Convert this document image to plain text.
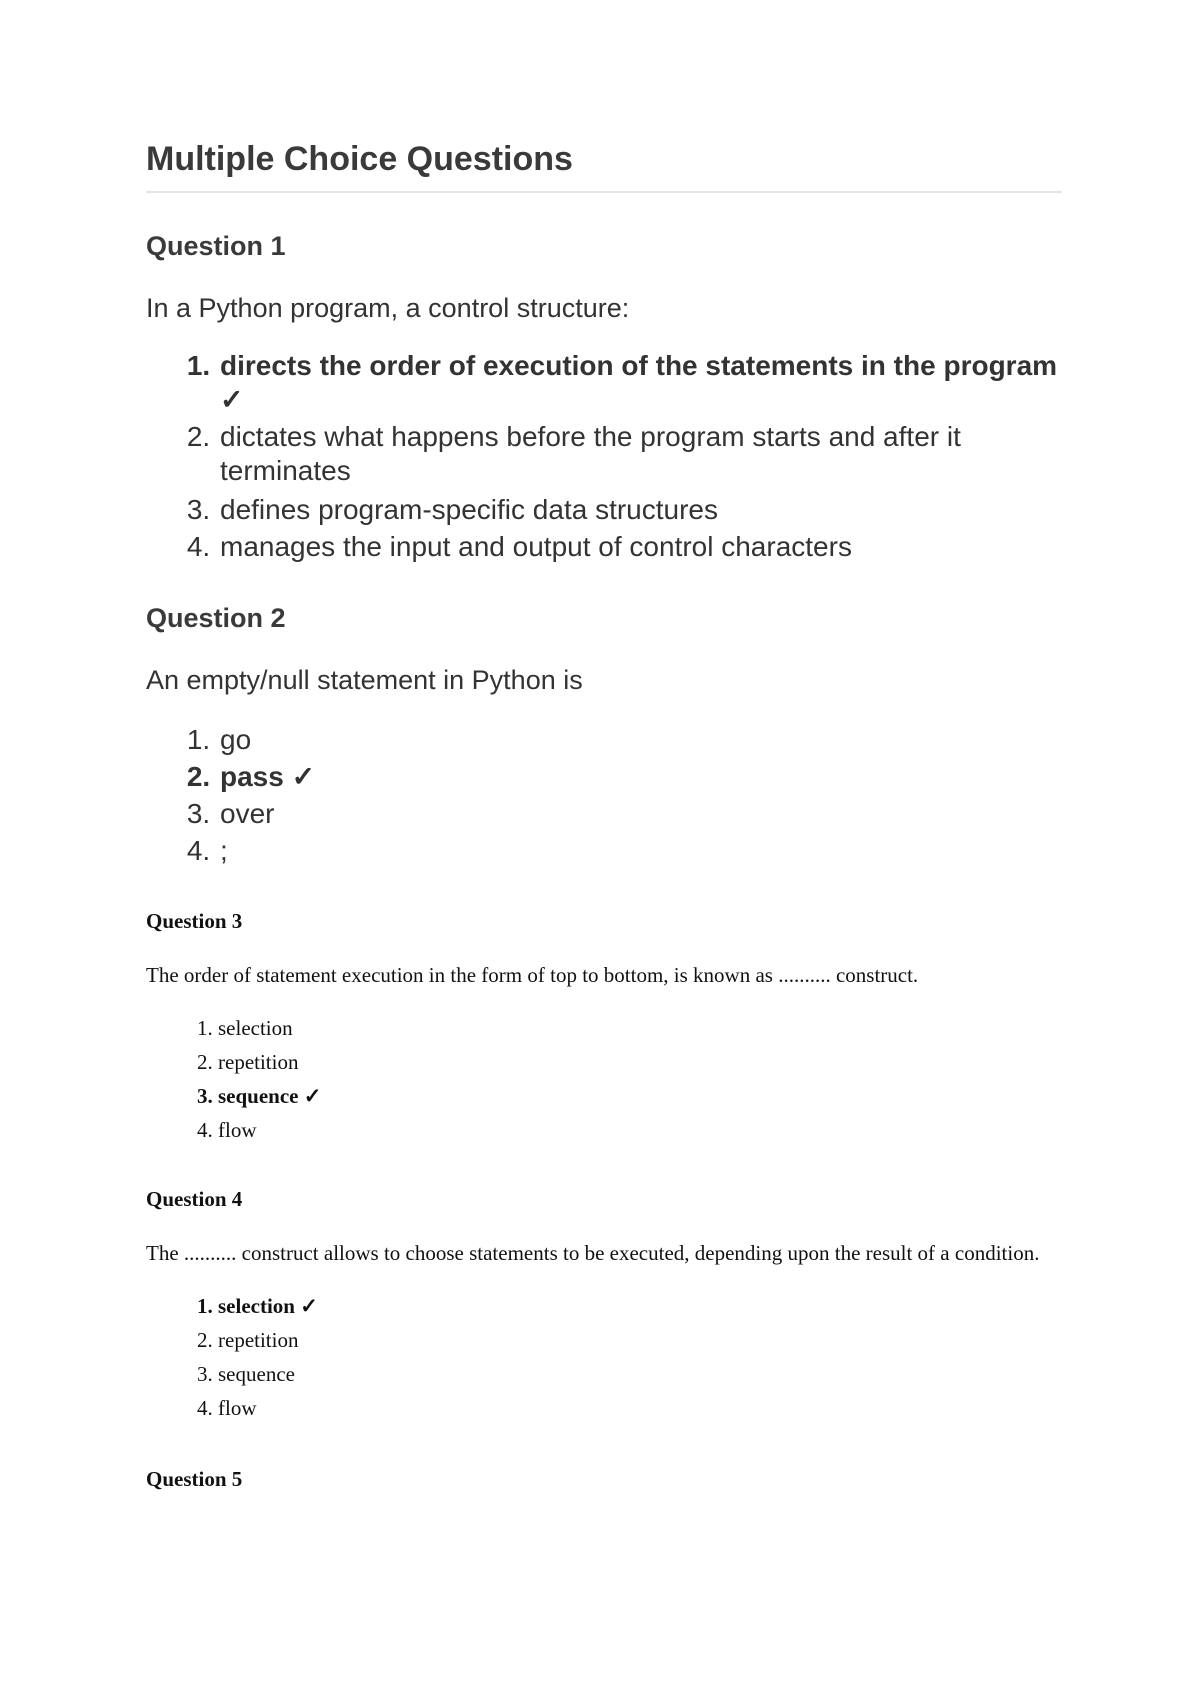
Multiple Choice Questions
Question 1

In a Python program, a control structure:

1. directs the order of execution of the statements in the program ✓
2. dictates what happens before the program starts and after it terminates
3. defines program-specific data structures
4. manages the input and output of control characters
Question 2

An empty/null statement in Python is

1. go
2. pass ✓
3. over
4. ;
Question 3

The order of statement execution in the form of top to bottom, is known as .......... construct.

1. selection
2. repetition
3. sequence ✓
4. flow
Question 4

The .......... construct allows to choose statements to be executed, depending upon the result of a condition.

1. selection ✓
2. repetition
3. sequence
4. flow
Question 5
